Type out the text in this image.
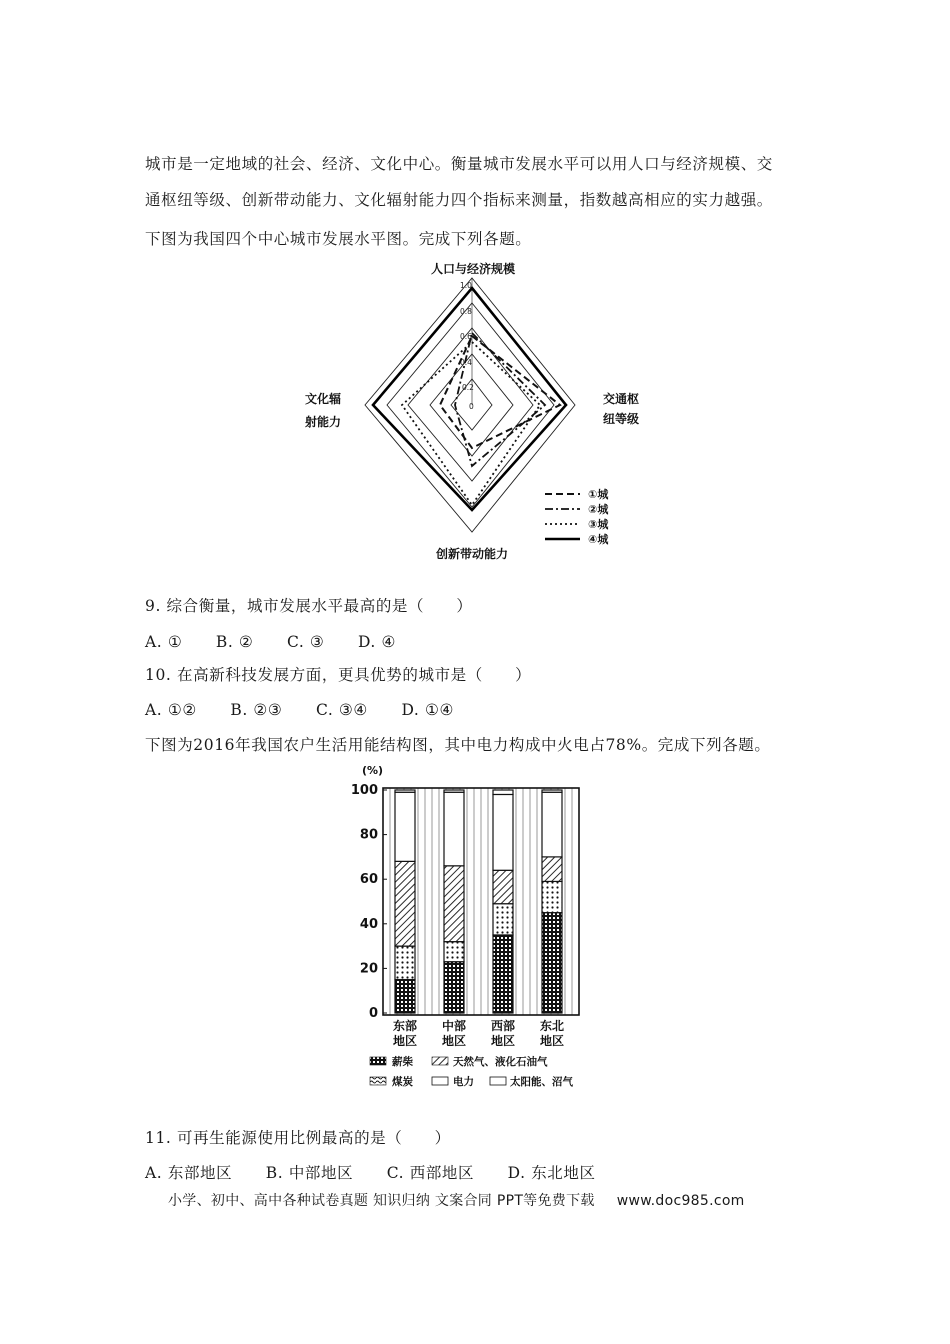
城市是一定地域的社会、经济、文化中心。衡量城市发展水平可以用人口与经济规模、交
通枢纽等级、创新带动能力、文化辐射能力四个指标来测量，指数越高相应的实力越强。
下图为我国四个中心城市发展水平图。完成下列各题。
1.0
0.8
0.6
0.4
0.2
0
人口与经济规模
交通枢
纽等级
文化辐
射能力
创新带动能力
①城
②城
③城
④城
9. 综合衡量，城市发展水平最高的是（　　）
A. ① B. ② C. ③ D. ④
10. 在高新科技发展方面，更具优势的城市是（　　）
A. ①② B. ②③ C. ③④ D. ①④
下图为2016年我国农户生活用能结构图，其中电力构成中火电占78%。完成下列各题。
(%)
0
20
40
60
80
100
东部
地区
中部
地区
西部
地区
东北
地区
薪柴	天然气、液化石油气
煤炭	电力	太阳能、沼气
11. 可再生能源使用比例最高的是（　　）
A. 东部地区 B. 中部地区 C. 西部地区 D. 东北地区
小学、初中、高中各种试卷真题 知识归纳 文案合同 PPT等免费下载 www.doc985.com
